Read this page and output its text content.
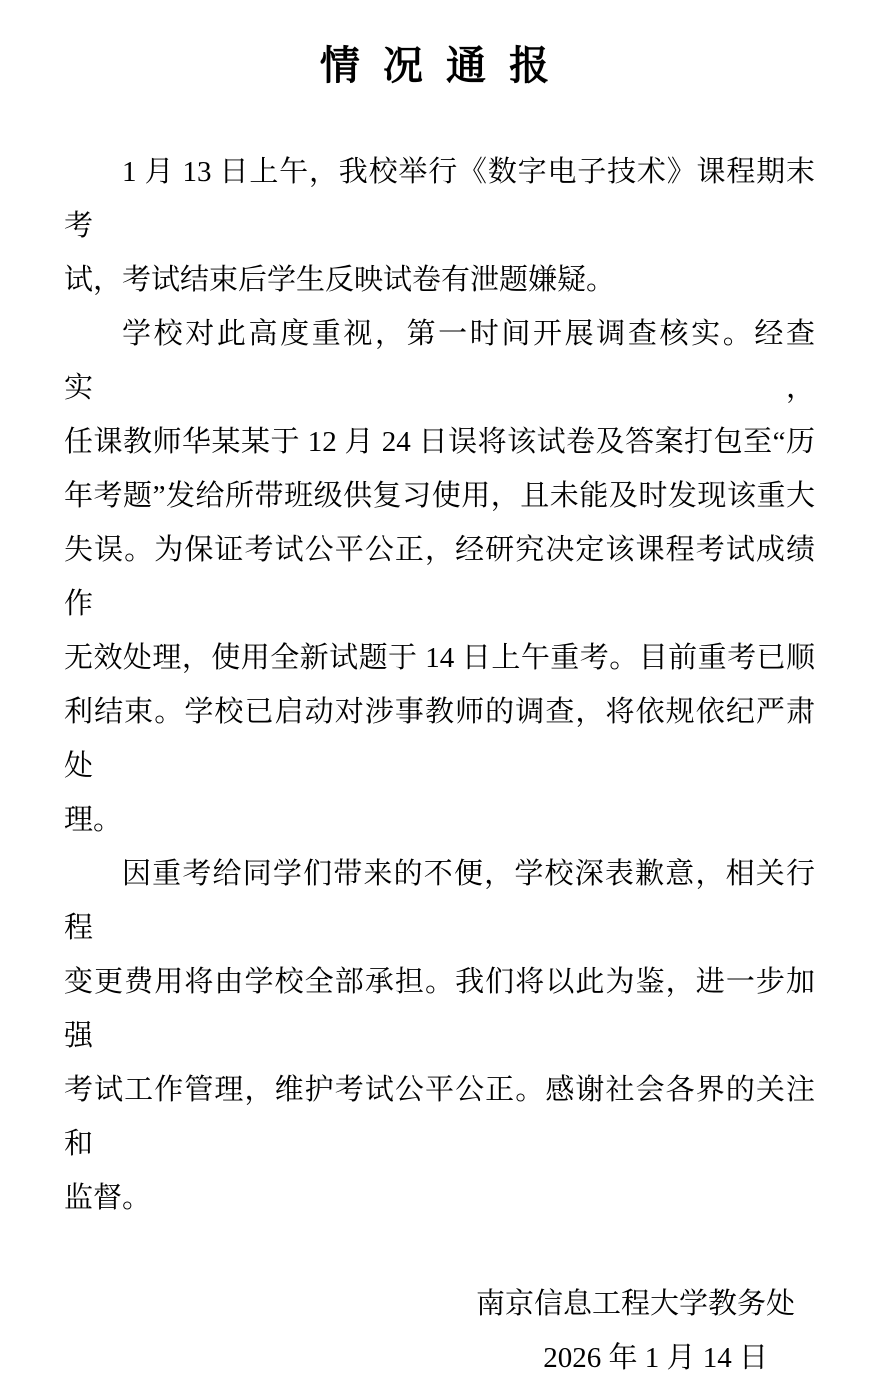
情 况 通 报
1 月 13 日上午，我校举行《数字电子技术》课程期末考
试，考试结束后学生反映试卷有泄题嫌疑。
学校对此高度重视，第一时间开展调查核实。经查实，
任课教师华某某于 12 月 24 日误将该试卷及答案打包至“历
年考题”发给所带班级供复习使用，且未能及时发现该重大
失误。为保证考试公平公正，经研究决定该课程考试成绩作
无效处理，使用全新试题于 14 日上午重考。目前重考已顺
利结束。学校已启动对涉事教师的调查，将依规依纪严肃处
理。
因重考给同学们带来的不便，学校深表歉意，相关行程
变更费用将由学校全部承担。我们将以此为鉴，进一步加强
考试工作管理，维护考试公平公正。感谢社会各界的关注和
监督。
南京信息工程大学教务处
2026 年 1 月 14 日
